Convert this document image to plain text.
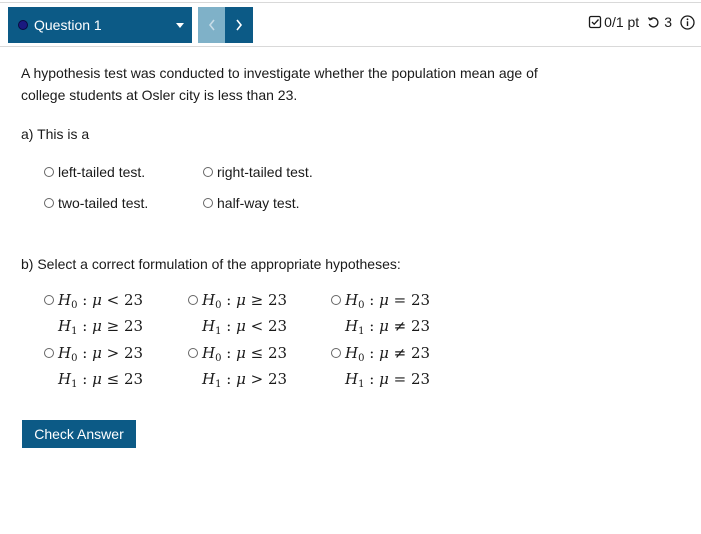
Question 1	0/1 pt 3

A hypothesis test was conducted to investigate whether the population mean age of college students at Osler city is less than 23.

a) This is a
left-tailed test.	right-tailed test.
two-tailed test.	half-way test.
b) Select a correct formulation of the appropriate hypotheses:
$H_0$ : μ < 23
$H_1$ : μ ≥ 23
$H_0$ : μ ≥ 23
$H_1$ : μ < 23
$H_0$ : μ = 23
$H_1$ : μ ≠ 23
$H_0$ : μ > 23
$H_1$ : μ ≤ 23
$H_0$ : μ ≤ 23
$H_1$ : μ > 23
$H_0$ : μ ≠ 23
$H_1$ : μ = 23
Check Answer
